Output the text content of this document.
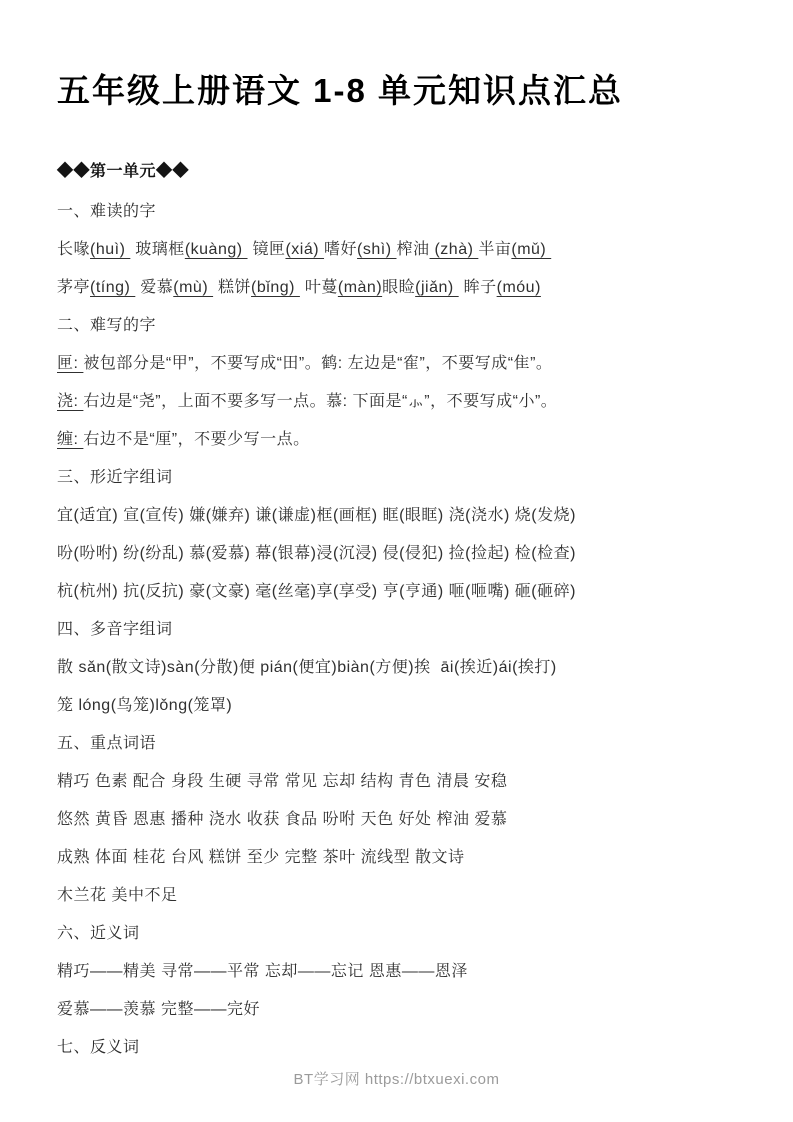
五年级上册语文 1-8 单元知识点汇总
◆◆第一单元◆◆

一、难读的字

长喙(huì)  玻璃框(kuàng)  镜匣(xiá) 嗜好(shì) 榨油 (zhà) 半亩(mǔ)

茅亭(tíng)  爱慕(mù)  糕饼(bǐng)  叶蔓(màn)眼睑(jiǎn)  眸子(móu)

二、难写的字

匣: 被包部分是“甲”，不要写成“田”。鹤: 左边是“隺”，不要写成“隹”。

浇: 右边是“尧”，上面不要多写一点。慕: 下面是“⺗”，不要写成“小”。

缠: 右边不是“厘”，不要少写一点。

三、形近字组词

宜(适宜) 宣(宣传) 嫌(嫌弃) 谦(谦虚)框(画框) 眶(眼眶) 浇(浇水) 烧(发烧)

吩(吩咐) 纷(纷乱) 慕(爱慕) 幕(银幕)浸(沉浸) 侵(侵犯) 捡(捡起) 检(检查)

杭(杭州) 抗(反抗) 豪(文豪) 毫(丝毫)享(享受) 亨(亨通) 咂(咂嘴) 砸(砸碎)

四、多音字组词

散 sǎn(散文诗)sàn(分散)便 pián(便宜)biàn(方便)挨  āi(挨近)ái(挨打)

笼 lóng(鸟笼)lǒng(笼罩)

五、重点词语

精巧 色素 配合 身段 生硬 寻常 常见 忘却 结构 青色 清晨 安稳

悠然 黄昏 恩惠 播种 浇水 收获 食品 吩咐 天色 好处 榨油 爱慕

成熟 体面 桂花 台风 糕饼 至少 完整 茶叶 流线型 散文诗

木兰花 美中不足

六、近义词

精巧——精美 寻常——平常 忘却——忘记 恩惠——恩泽

爱慕——羡慕 完整——完好

七、反义词

BT学习网 https://btxuexi.com
